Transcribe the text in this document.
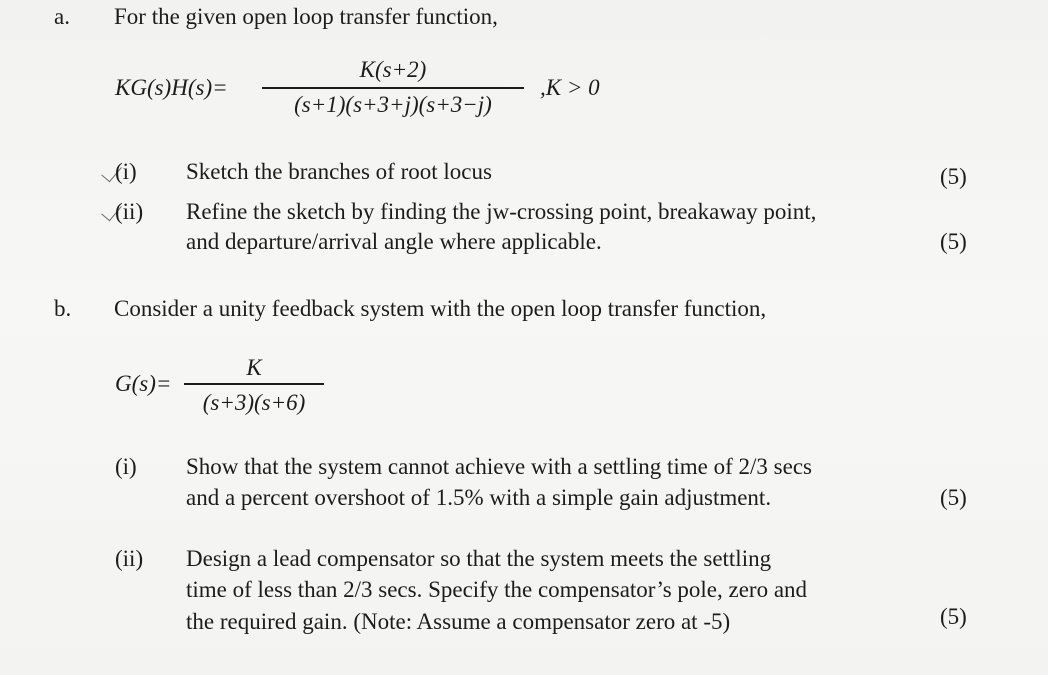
a. For the given open loop transfer function,
KG(s)H(s)=
K(s+2)
(s+1)(s+3+j)(s+3−j)
,K > 0
(i) Sketch the branches of root locus	(5)
(ii) Refine the sketch by finding the jw-crossing point, breakaway point,
and departure/arrival angle where applicable.	(5)
b. Consider a unity feedback system with the open loop transfer function,
G(s)=
K
(s+3)(s+6)
(i) Show that the system cannot achieve with a settling time of 2/3 secs
and a percent overshoot of 1.5% with a simple gain adjustment.	(5)
(ii) Design a lead compensator so that the system meets the settling
time of less than 2/3 secs. Specify the compensator’s pole, zero and
the required gain. (Note: Assume a compensator zero at -5)	(5)
